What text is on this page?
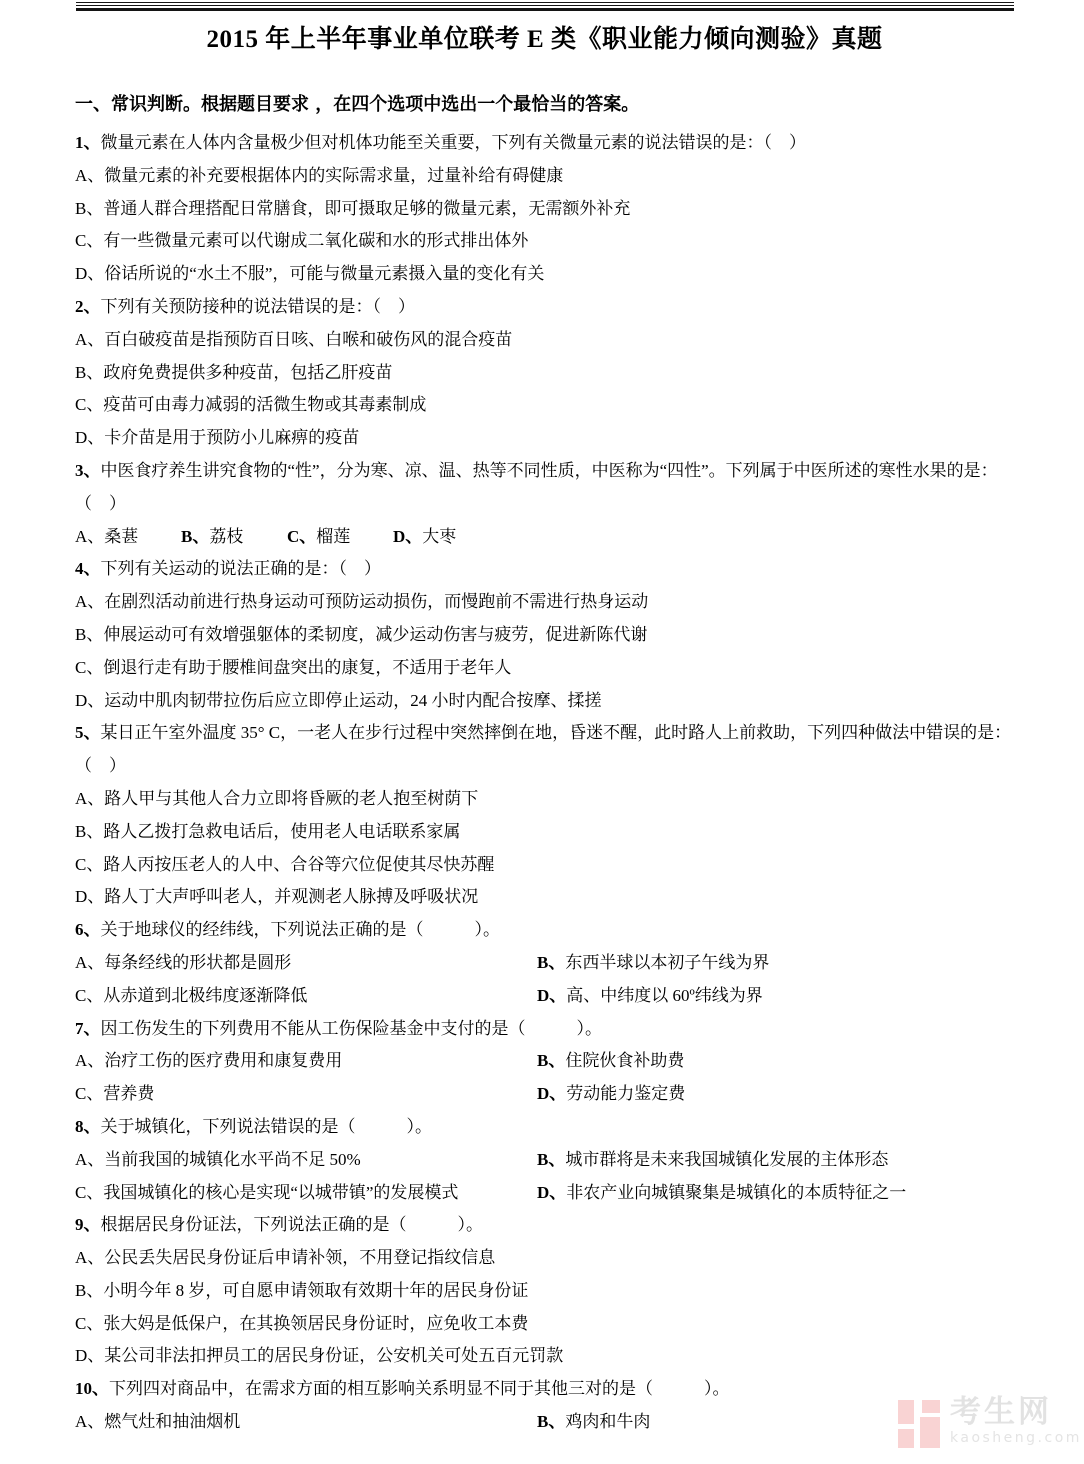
2015 年上半年事业单位联考 E 类《职业能力倾向测验》真题
一、常识判断。根据题目要求 ，在四个选项中选出一个最恰当的答案。

1、微量元素在人体内含量极少但对机体功能至关重要，下列有关微量元素的说法错误的是：（　）

A、微量元素的补充要根据体内的实际需求量，过量补给有碍健康

B、普通人群合理搭配日常膳食，即可摄取足够的微量元素，无需额外补充

C、有一些微量元素可以代谢成二氧化碳和水的形式排出体外

D、俗话所说的“水土不服”，可能与微量元素摄入量的变化有关

2、下列有关预防接种的说法错误的是：（　）

A、百白破疫苗是指预防百日咳、白喉和破伤风的混合疫苗

B、政府免费提供多种疫苗，包括乙肝疫苗

C、疫苗可由毒力减弱的活微生物或其毒素制成

D、卡介苗是用于预防小儿麻痹的疫苗

3、中医食疗养生讲究食物的“性”，分为寒、凉、温、热等不同性质，中医称为“四性”。下列属于中医所述的寒性水果的是：（　）

A、桑葚	B、荔枝	C、榴莲	D、大枣

4、下列有关运动的说法正确的是：（　）

A、在剧烈活动前进行热身运动可预防运动损伤，而慢跑前不需进行热身运动

B、伸展运动可有效增强躯体的柔韧度，减少运动伤害与疲劳，促进新陈代谢

C、倒退行走有助于腰椎间盘突出的康复，不适用于老年人

D、运动中肌肉韧带拉伤后应立即停止运动，24 小时内配合按摩、揉搓

5、某日正午室外温度 35° C，一老人在步行过程中突然摔倒在地，昏迷不醒，此时路人上前救助，下列四种做法中错误的是：（　）

A、路人甲与其他人合力立即将昏厥的老人抱至树荫下

B、路人乙拨打急救电话后，使用老人电话联系家属

C、路人丙按压老人的人中、合谷等穴位促使其尽快苏醒

D、路人丁大声呼叫老人，并观测老人脉搏及呼吸状况

6、关于地球仪的经纬线，下列说法正确的是（　　　）。

A、每条经线的形状都是圆形	B、东西半球以本初子午线为界

C、从赤道到北极纬度逐渐降低	D、高、中纬度以 60º纬线为界

7、因工伤发生的下列费用不能从工伤保险基金中支付的是（　　　）。

A、治疗工伤的医疗费用和康复费用	B、住院伙食补助费

C、营养费	D、劳动能力鉴定费

8、关于城镇化，下列说法错误的是（　　　）。

A、当前我国的城镇化水平尚不足 50%	B、城市群将是未来我国城镇化发展的主体形态

C、我国城镇化的核心是实现“以城带镇”的发展模式	D、非农产业向城镇聚集是城镇化的本质特征之一

9、根据居民身份证法，下列说法正确的是（　　　）。

A、公民丢失居民身份证后申请补领，不用登记指纹信息

B、小明今年 8 岁，可自愿申请领取有效期十年的居民身份证

C、张大妈是低保户，在其换领居民身份证时，应免收工本费

D、某公司非法扣押员工的居民身份证，公安机关可处五百元罚款

10、下列四对商品中，在需求方面的相互影响关系明显不同于其他三对的是（　　　）。

A、燃气灶和抽油烟机	B、鸡肉和牛肉	考生网
kaosheng.com
